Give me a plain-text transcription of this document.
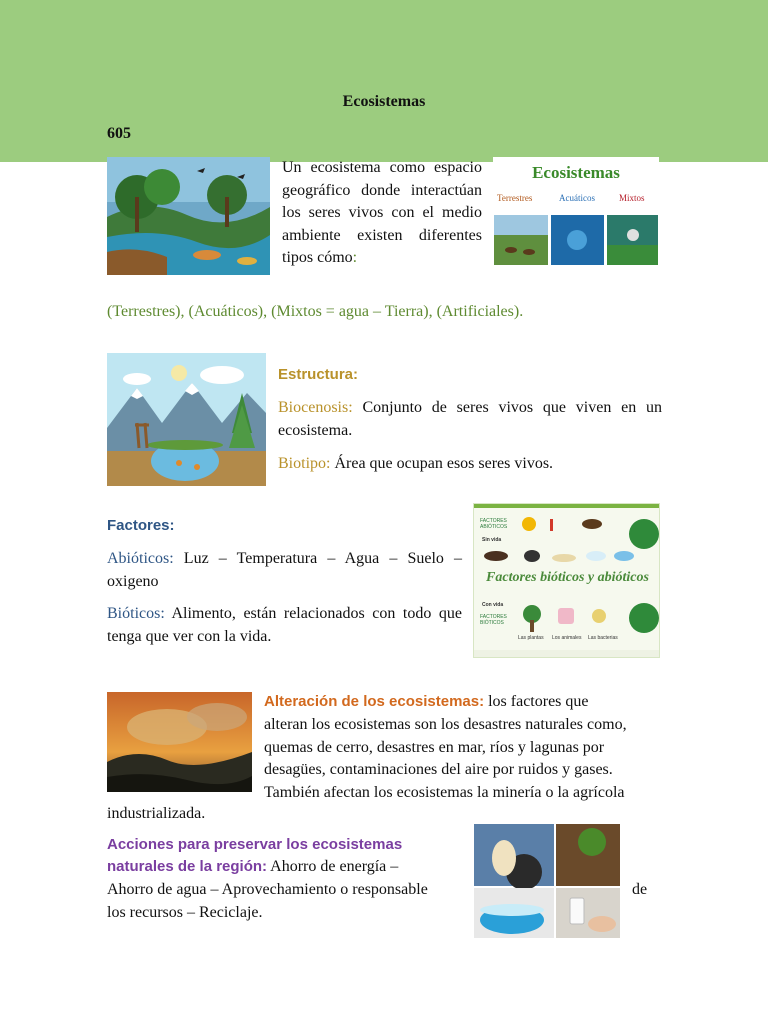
Ecosistemas
605
Un ecosistema como espacio geográfico donde interactúan los seres vivos con el medio ambiente existen diferentes tipos cómo:
Ecosistemas
Terrestres	Acuáticos	Mixtos
(Terrestres), (Acuáticos), (Mixtos = agua – Tierra), (Artificiales).
Estructura:
Biocenosis: Conjunto de seres vivos que viven en un ecosistema.
Biotipo: Área que ocupan esos seres vivos.
Factores:
Abióticos: Luz – Temperatura – Agua – Suelo – oxigeno
Bióticos: Alimento, están relacionados con todo que tenga que ver con la vida.
FACTORES ABIÓTICOS
Sin vida
Factores bióticos y abióticos
Con vida
FACTORES BIÓTICOS
Las plantas Los animales Las bacterias
Alteración de los ecosistemas: los factores que
alteran los ecosistemas son los desastres naturales como, quemas de cerro, desastres en mar, ríos y lagunas por desagües, contaminaciones del aire por ruidos y gases. También afectan los ecosistemas la minería o la agrícola
industrializada.
Acciones para preservar los ecosistemas
naturales de la región: Ahorro de energía –
Ahorro de agua – Aprovechamiento o responsable	de
los recursos – Reciclaje.
